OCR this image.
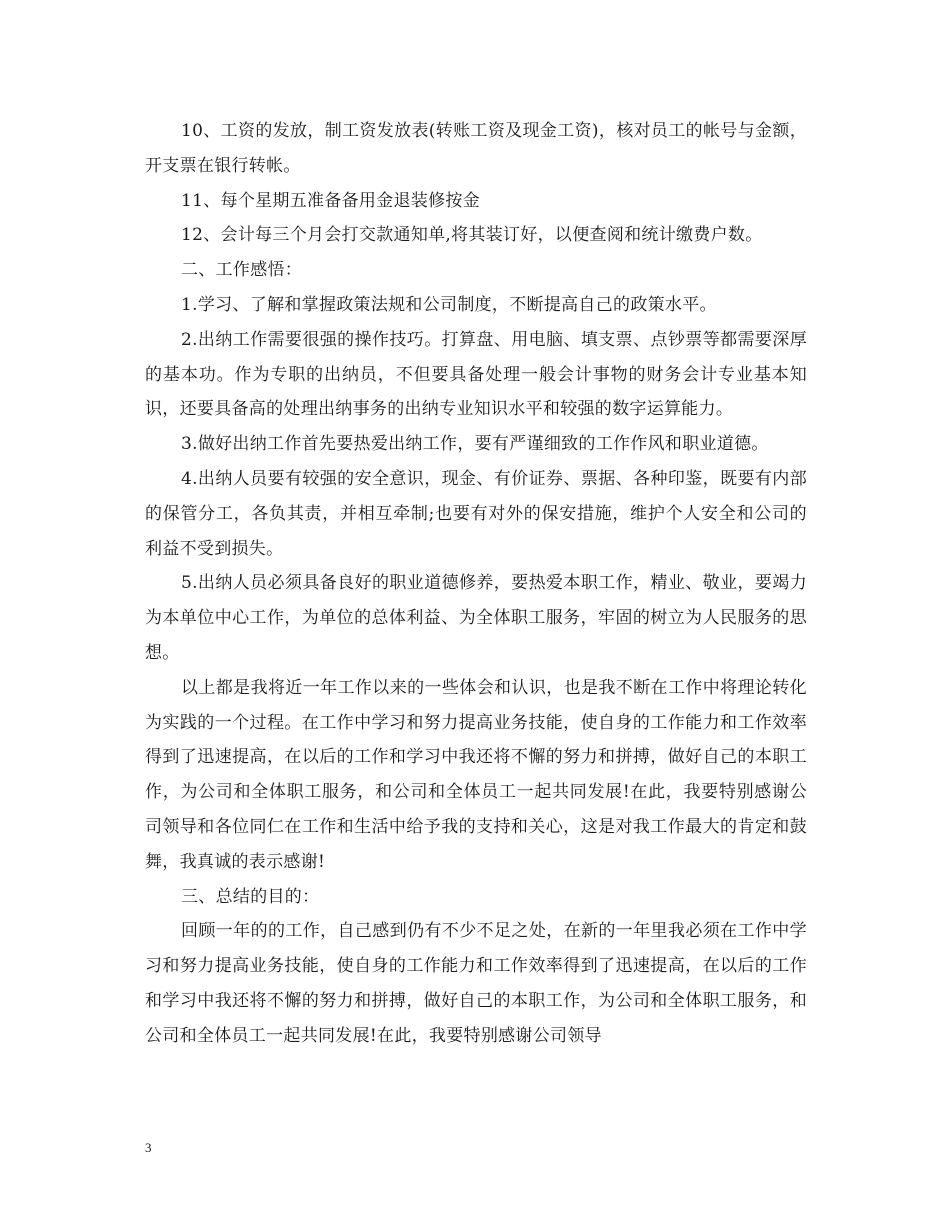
10、工资的发放，制工资发放表(转账工资及现金工资)，核对员工的帐号与金额，开支票在银行转帐。

11、每个星期五准备备用金退装修按金

12、会计每三个月会打交款通知单,将其装订好，以便查阅和统计缴费户数。

二、工作感悟：

1.学习、了解和掌握政策法规和公司制度，不断提高自己的政策水平。

2.出纳工作需要很强的操作技巧。打算盘、用电脑、填支票、点钞票等都需要深厚的基本功。作为专职的出纳员，不但要具备处理一般会计事物的财务会计专业基本知识，还要具备高的处理出纳事务的出纳专业知识水平和较强的数字运算能力。

3.做好出纳工作首先要热爱出纳工作，要有严谨细致的工作作风和职业道德。

4.出纳人员要有较强的安全意识，现金、有价证券、票据、各种印鉴，既要有内部的保管分工，各负其责，并相互牵制;也要有对外的保安措施，维护个人安全和公司的利益不受到损失。

5.出纳人员必须具备良好的职业道德修养，要热爱本职工作，精业、敬业，要竭力为本单位中心工作，为单位的总体利益、为全体职工服务，牢固的树立为人民服务的思想。

以上都是我将近一年工作以来的一些体会和认识，也是我不断在工作中将理论转化为实践的一个过程。在工作中学习和努力提高业务技能，使自身的工作能力和工作效率得到了迅速提高，在以后的工作和学习中我还将不懈的努力和拼搏，做好自己的本职工作，为公司和全体职工服务，和公司和全体员工一起共同发展!在此，我要特别感谢公司领导和各位同仁在工作和生活中给予我的支持和关心，这是对我工作最大的肯定和鼓舞，我真诚的表示感谢!

三、总结的目的：

回顾一年的的工作，自己感到仍有不少不足之处，在新的一年里我必须在工作中学习和努力提高业务技能，使自身的工作能力和工作效率得到了迅速提高，在以后的工作和学习中我还将不懈的努力和拼搏，做好自己的本职工作，为公司和全体职工服务，和公司和全体员工一起共同发展!在此，我要特别感谢公司领导

3
